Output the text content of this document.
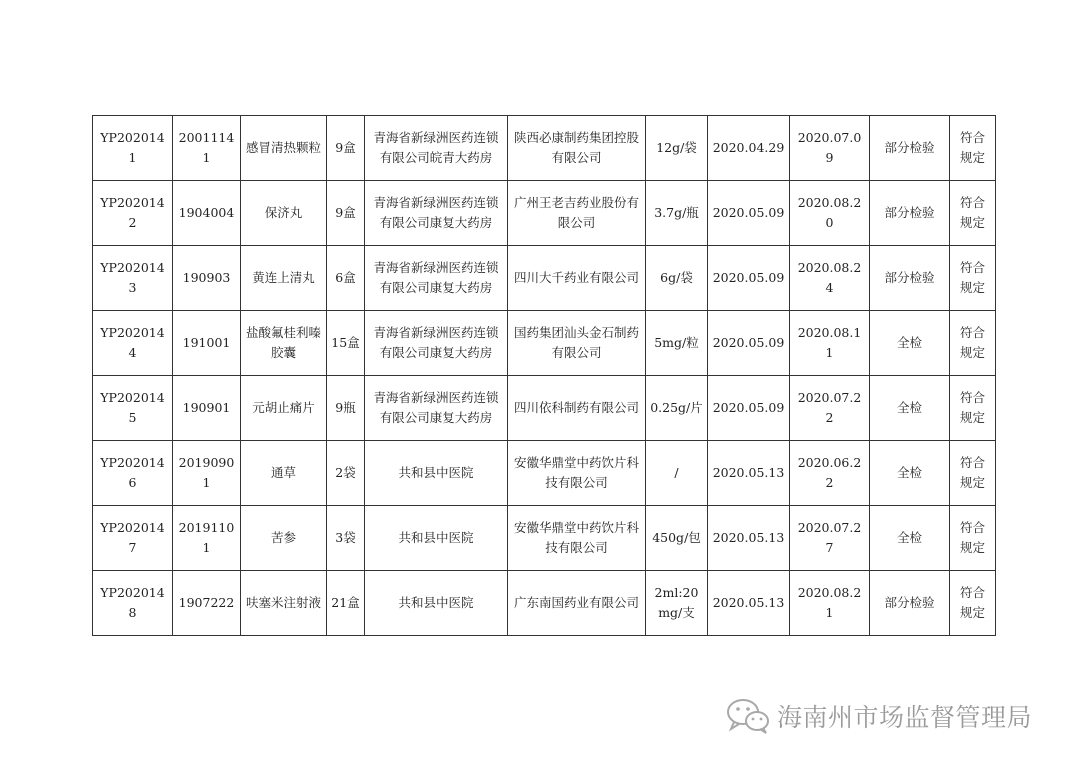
YP2020141	20011141	感冒清热颗粒	9盒	青海省新绿洲医药连锁有限公司皖青大药房	陕西必康制药集团控股有限公司	12g/袋	2020.04.29	2020.07.09	部分检验	符合规定
YP2020142	1904004	保济丸	9盒	青海省新绿洲医药连锁有限公司康复大药房	广州王老吉药业股份有限公司	3.7g/瓶	2020.05.09	2020.08.20	部分检验	符合规定
YP2020143	190903	黄连上清丸	6盒	青海省新绿洲医药连锁有限公司康复大药房	四川大千药业有限公司	6g/袋	2020.05.09	2020.08.24	部分检验	符合规定
YP2020144	191001	盐酸氟桂利嗪胶囊	15盒	青海省新绿洲医药连锁有限公司康复大药房	国药集团汕头金石制药有限公司	5mg/粒	2020.05.09	2020.08.11	全检	符合规定
YP2020145	190901	元胡止痛片	9瓶	青海省新绿洲医药连锁有限公司康复大药房	四川依科制药有限公司	0.25g/片	2020.05.09	2020.07.22	全检	符合规定
YP2020146	20190901	通草	2袋	共和县中医院	安徽华鼎堂中药饮片科技有限公司	/	2020.05.13	2020.06.22	全检	符合规定
YP2020147	20191101	苦参	3袋	共和县中医院	安徽华鼎堂中药饮片科技有限公司	450g/包	2020.05.13	2020.07.27	全检	符合规定
YP2020148	1907222	呋塞米注射液	21盒	共和县中医院	广东南国药业有限公司	2ml:20mg/支	2020.05.13	2020.08.21	部分检验	符合规定
海南州市场监督管理局
